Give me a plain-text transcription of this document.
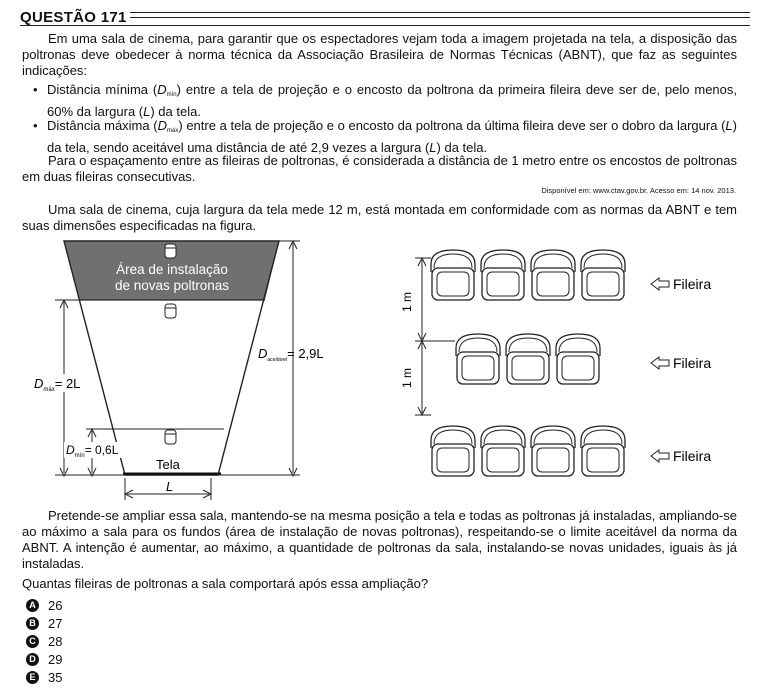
QUESTÃO 171
Em uma sala de cinema, para garantir que os espectadores vejam toda a imagem projetada na tela, a disposição das poltronas deve obedecer à norma técnica da Associação Brasileira de Normas Técnicas (ABNT), que faz as seguintes indicações:
• Distância mínima $(D_{mín})$ entre a tela de projeção e o encosto da poltrona da primeira fileira deve ser de, pelo menos, 60% da largura (L) da tela.
• Distância máxima $(D_{máx})$ entre a tela de projeção e o encosto da poltrona da última fileira deve ser o dobro da largura (L) da tela, sendo aceitável uma distância de até 2,9 vezes a largura (L) da tela.
Para o espaçamento entre as fileiras de poltronas, é considerada a distância de 1 metro entre os encostos de poltronas em duas fileiras consecutivas.
Disponível em: www.ctav.gov.br. Acesso em: 14 nov. 2013.
Uma sala de cinema, cuja largura da tela mede 12 m, está montada em conformidade com as normas da ABNT e tem suas dimensões especificadas na figura.
Área de instalação
de novas poltronas
$D_{máx}= 2L$
$D_{mín}= 0,6L$
$D_{aceitável}= 2,9L$
Tela
L
1 m
1 m
Fileira
Fileira
Fileira
Pretende-se ampliar essa sala, mantendo-se na mesma posição a tela e todas as poltronas já instaladas, ampliando-se ao máximo a sala para os fundos (área de instalação de novas poltronas), respeitando-se o limite aceitável da norma da ABNT. A intenção é aumentar, ao máximo, a quantidade de poltronas da sala, instalando-se novas unidades, iguais às já instaladas.
Quantas fileiras de poltronas a sala comportará após essa ampliação?
A 26
B 27
C 28
D 29
E 35
